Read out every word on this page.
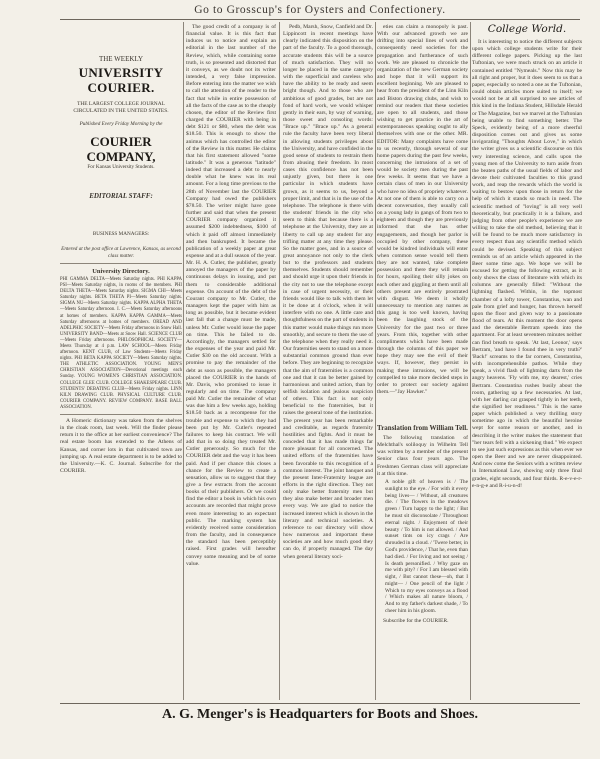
Go to Grosscup's for Oysters and Confectionery.
THE WEEKLY
UNIVERSITY COURIER.
THE LARGEST COLLEGE JOURNAL CIRCULATED IN THE UNITED STATES.
Published Every Friday Morning by the
COURIER COMPANY,
For Kansas University Students.
EDITORIAL STAFF:
BUSINESS MANAGERS:
Entered at the post office at Lawrence, Kansas, as second class matter.
University Directory.
PHI GAMMA DELTA—Meets Saturday nights. PHI KAPPA PSI—Meets Saturday nights, in rooms of the members. PHI DELTA THETA—Meets Saturday nights. SIGMA CHI—Meets Saturday nights. BETA THETA PI—Meets Saturday nights. SIGMA NU—Meets Saturday nights. KAPPA ALPHA THETA—Meets Saturday afternoon. I. C.—Meets Saturday afternoons at homes of members. KAPPA KAPPA GAMMA—Meets Saturday afternoons at homes of members. OREAD AND ADELPHIC SOCIETY—Meets Friday afternoons in Snow Hall. UNIVERSITY BAND—Meets at Snow Hall. SCIENCE CLUB—Meets Friday afternoons. PHILOSOPHICAL SOCIETY—Meets Thursday at 4 p.m. LAW SCHOOL—Meets Friday afternoon. KENT CLUB, of Law Students—Meets Friday nights. PHI BETA KAPPA SOCIETY—Meets Saturday nights. THE ATHLETIC ASSOCIATION. YOUNG MEN'S CHRISTIAN ASSOCIATION—Devotional meetings each Sunday. YOUNG WOMEN'S CHRISTIAN ASSOCIATION. COLLEGE GLEE CLUB. COLLEGE SHAKESPEARE CLUB. STUDENTS' DEBATING CLUB—Meets Friday nights. LINN KILN DRAWING CLUB. PHYSICAL CULTURE CLUB. COURIER COMPANY. REVIEW COMPANY. BASE BALL ASSOCIATION.
A Homeric dictionary was taken from the shelves in the cloak room, last week. Will the finder please return it to the office at her earliest convenience? The real estate boom has extended to the Athens of Kansas, and corner lots in that cultivated town are jumping up. A real estate department is to be added to the University.—K. C. Journal. Subscribe for the COURIER.
The good credit of a company is of financial value. It is this fact that induces us to notice and explain an editorial in the last number of the Review, which, while containing some truth, is so presented and distorted that it conveys, as we doubt not its writer intended, a very false impression. Before entering into the matter we wish to call the attention of the reader to the fact that while in entire possession of all the facts of the case as to the cheaply chosen, the editor of the Review first charged the COURIER with being in debt $121 or $80, when the debt was $18.50. This is enough to show the animus which has controlled the editor of the Review in this matter. He claims that his first statement allowed "some latitude." It was a generous "latitude" indeed that increased a debt to nearly double what he knew was its real amount. For a long time previous to the 28th of November last the COURIER Company had owed the publishers $78.50. The writer might have gone further and said that when the present COURIER company organized it assumed $200 indebtedness, $100 of which it paid off almost immediately and then bankrupted. It became the publication of a weekly paper at great expense and at a dull season of the year. Mr. H. A. Cutler, the publisher, greatly annoyed the managers of the paper by continuous delays in issuing, and put them to considerable additional expense. On account of the debt of the Courant company to Mr. Cutler, the managers kept the paper with him as long as possible, but it became evident last fall that a change must be made, unless Mr. Cutler would issue the paper on time. This he failed to do. Accordingly, the managers settled for the expenses of the year and paid Mr. Cutler $30 on the old account. With a promise to pay the remainder of the debt as soon as possible, the managers placed the COURIER in the hands of Mr. Davis, who promised to issue it regularly and on time. The company paid Mr. Cutler the remainder of what was due him a few weeks ago, holding $18.50 back as a recompense for the trouble and expense to which they had been put by Mr. Cutler's repeated failures to keep his contract. We will add that in so doing they treated Mr. Cutler generously. So much for the COURIER debt and the way it has been paid. And if per chance this closes a chance for the Review to create a sensation, allow us to suggest that they give a few extracts from the account books of their publishers. Or we could find the editor a book in which his own accounts are recorded that might prove even more interesting to an expectant public. The marking system has evidently received some consideration from the faculty, and in consequence the standard has been perceptibly raised. First grades will hereafter convey some meaning and be of some value.
Pedb, Marsh, Snow, Canfield and Dr. Lippincott in recent meetings have clearly indicated this disposition on the part of the faculty. To a good thorough, accurate students this will be a source of much satisfaction. They will no longer be placed in the same category with the superficial and careless who have the ability to be ready and seem bright though. And to those who are ambitious of good grades, but are not fond of hard work, we would whisper gently in their ears, by way of warning, those sweet and consoling words: "Brace up." "Brace up." As a general rule the faculty have been very liberal in allowing students privileges about the University, and have confided in the good sense of students to restrain them from abusing their freedom. In most cases this confidence has not been unjustly given, but there is one particular in which students have grown, as it seems to us, beyond a proper limit, and that is in the use of the telephone. The telephone is there with the students' friends in the city who seem to think that because there is a telephone at the University, they are at liberty to call up any student for any trifling matter at any time they please. So the matter goes, and in a source of great annoyance not only to the clerk but to the professors and students themselves. Students should remember and should urge it upon their friends in the city not to use the telephone except in case of urgent necessity, or their friends would like to talk with them let it be done at 4 o'clock, when it will interfere with no one. A little care and thoughtfulness on the part of students in this matter would make things run more smoothly, and secure to them the use of the telephone when they really need it. Our fraternities seem to stand on a more substantial common ground than ever before. They are beginning to recognize that the aim of fraternities is a common one and that it can be better gained by harmonious and united action, than by selfish isolation and jealous suspicion of others. This fact is not only beneficial to the fraternities, but it raises the general tone of the institution. The present year has been remarkable and creditable, as regards fraternity hostilities and fights. And it must be conceded that it has made things far more pleasant for all concerned. The united efforts of the fraternities have been favorable to this recognition of a common interest. The joint banquet and the present Inter-Fraternity league are efforts in the right direction. They not only make better fraternity men but they also make better and broader men every way. We are glad to notice the increased interest which is shown in the literary and technical societies. A reference to our directory will show how numerous and important these societies are and how much good they can do, if properly managed. The day when general literary soci-
eties can claim a monopoly is past. With our advanced growth we are drifting into special lines of work and consequently need societies for the propagation and furtherance of such work. We are pleased to chronicle the organization of the new German society and hope that it will support its excellent beginning. We are pleased to hear from the president of the Linn Kiln and Biston drawing clubs, and wish to remind our readers that these societies are open to all students, and those wishing to get practice in the art of extemporaneous speaking ought to ally themselves with one or the other. MR. EDITOR: Many complaints have come to us recently, through several of our home papers during the past few weeks, concerning the intrusions of a set of would be society men during the past few weeks. It seems that we have a certain class of men in our University who have no idea of propriety whatever. At not one of them is able to carry on a decent conversation, they usually call on a young lady in gangs of from two to eighteen and though they are previously informed that she has other engagements, and though her parlor is occupied by other company, these would be kindred individuals will enter when common sense would tell them they are not wanted, take complete possession and there they will remain for hours, spoiling their silly jokes on each other and giggling at them until all others present are entirely prostrated with disgust. We deem it wholly unnecessary to mention any names as this gang is too well known, having been the laughing stock of the University for the past two or three years. From this, together with other compliments which have been made through the columns of this paper we hope they may see the evil of their ways. If, however, they persist in making these intrusions, we will be compelled to take more decided steps in order to protect our society against them.—"Jay Hawker."
Translation from William Tell.
The following translation of Melchthal's soliloquy in Wilhelm Tell was written by a member of the present Senior class four years ago. The Freshmen German class will appreciate it at this time.
A noble gift of heaven is / The sunlight to the eye. / For with it every being lives— / Without, all creatures die. / The flowers in the meadows green / Turn happy to the light; / But he must sit disconsolate / Throughout eternal night. / Enjoyment of their beauty / To him is not allowed. / And sunset tints on icy crags / Are shrouded in a cloud. / 'Twere better, in God's providence, / That he, even than had died. / For living and not seeing / Is death personified. / Why gaze on me with pity? / For I am blessed with sight, / But cannot these—oh, that I might— / One pencil of the light / Which to my eyes conveys as a flood / Which makes all nature bloom, / And to my father's darkest shade, / To cheer him in his gloom.
Subscribe for the COURIER.
College World.
It is interesting to notice the different subjects upon which college students write for their different college papers. Picking up the last Tuftonian, we were much struck on an article it contained entitled "Nymeals." Now this may be all right and proper, but it does seem to us that a paper, especially so noted a one as the Tuftonian, could obtain articles more suited to itself; we would not be at all surprised to see articles of this kind in the Indiana Student, Hillsdale Herald or The Magazine, but we marvel at the Tuftonian being unable to find something better. The Speck, evidently being of a more cheerful disposition comes out and gives us some invigorating "Thoughts About Love," in which the writer gives us a scientific discourse on this very interesting science, and calls upon the young men of the University to turn aside from the beaten paths of the usual fields of labor and devote their cultivated faculties to this grand work, and reap the rewards which the world is waiting to bestow upon those in return for the help of which it stands so much in need. The scientific method of "loving" is all very well theoretically, but practically it is a failure, and judging from other people's experience we are willing to take the old method, believing that it will be found to be much more satisfactory in every respect than any scientific method which could be devised. Speaking of this subject reminds us of an article which appeared in the Beer some time ago. We hope we will be excused for getting the following extract, as it only shows the class of literature with which its columns are generally filled: "Without the lightning flashed. Within, in the topmost chamber of a lofty tower, Constantius, wan and pale from grief and hunger, has thrown herself upon the floor and given way to a passionate flood of tears. At this moment the door opens and the detestable Bertram speeds into the apartment. For at least seventeen minutes neither can find breath to speak. 'At last, Leonor,' says Bertram, 'and have I found thee in very truth?' 'Back!' screams to the far corners, Constantina, with incomprehensible pathos. While they speak, a vivid flash of lightning darts from the angry heavens. 'Fly with me, my dearest,' cries Bertram. Constantina rushes busily about the room, gathering up a few necessaries. At last, with her darling cat grasped tightly in her teeth, she signified her readiness." This is the same paper which published a very thrilling story sometime ago in which the beautiful heroine wept for some reason or another, and in describing it the writer makes the statement that "her tears fell with a sickening thud." We expect to see just such expressions as this when ever we open the Beer and we are never disappointed. And now come the Seniors with a written review in International Law, showing only three final grades, eight seconds, and four thirds. R-e-v-e-r-e-n-g-e and R-i-u-n-d!
A. G. Menger's is Headquarters for Boots and Shoes.
